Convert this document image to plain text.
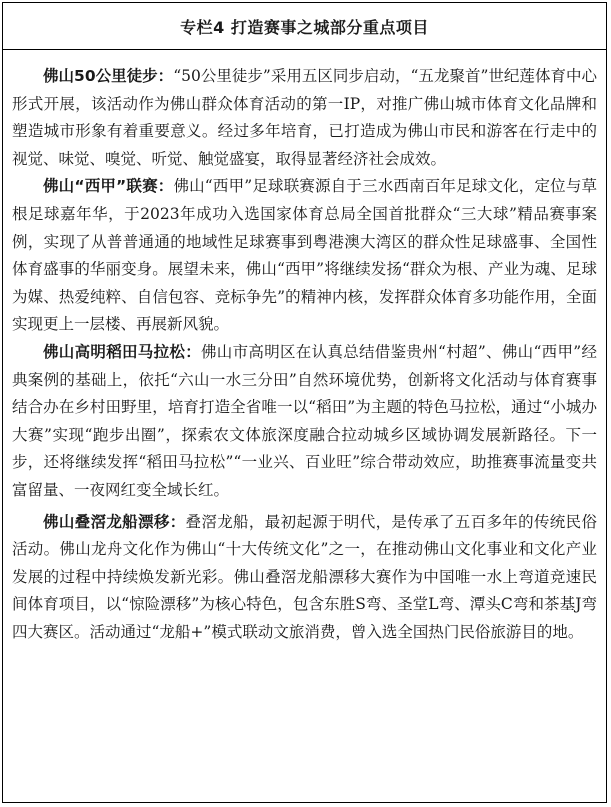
专栏4 打造赛事之城部分重点项目

佛山50公里徒步：“50公里徒步”采用五区同步启动，“五龙聚首”世纪莲体育中心形式开展，该活动作为佛山群众体育活动的第一IP，对推广佛山城市体育文化品牌和塑造城市形象有着重要意义。经过多年培育，已打造成为佛山市民和游客在行走中的视觉、味觉、嗅觉、听觉、触觉盛宴，取得显著经济社会成效。

佛山“西甲”联赛：佛山“西甲”足球联赛源自于三水西南百年足球文化，定位与草根足球嘉年华，于2023年成功入选国家体育总局全国首批群众“三大球”精品赛事案例，实现了从普普通通的地域性足球赛事到粤港澳大湾区的群众性足球盛事、全国性体育盛事的华丽变身。展望未来，佛山“西甲”将继续发扬“群众为根、产业为魂、足球为媒、热爱纯粹、自信包容、竞标争先”的精神内核，发挥群众体育多功能作用，全面实现更上一层楼、再展新风貌。

佛山高明稻田马拉松：佛山市高明区在认真总结借鉴贵州“村超”、佛山“西甲”经典案例的基础上，依托“六山一水三分田”自然环境优势，创新将文化活动与体育赛事结合办在乡村田野里，培育打造全省唯一以“稻田”为主题的特色马拉松，通过“小城办大赛”实现“跑步出圈”，探索农文体旅深度融合拉动城乡区域协调发展新路径。下一步，还将继续发挥“稻田马拉松”“一业兴、百业旺”综合带动效应，助推赛事流量变共富留量、一夜网红变全域长红。

佛山叠滘龙船漂移：叠滘龙船，最初起源于明代，是传承了五百多年的传统民俗活动。佛山龙舟文化作为佛山“十大传统文化”之一，在推动佛山文化事业和文化产业发展的过程中持续焕发新光彩。佛山叠滘龙船漂移大赛作为中国唯一水上弯道竞速民间体育项目，以“惊险漂移”为核心特色，包含东胜S弯、圣堂L弯、潭头C弯和茶基J弯四大赛区。活动通过“龙船+”模式联动文旅消费，曾入选全国热门民俗旅游目的地。
